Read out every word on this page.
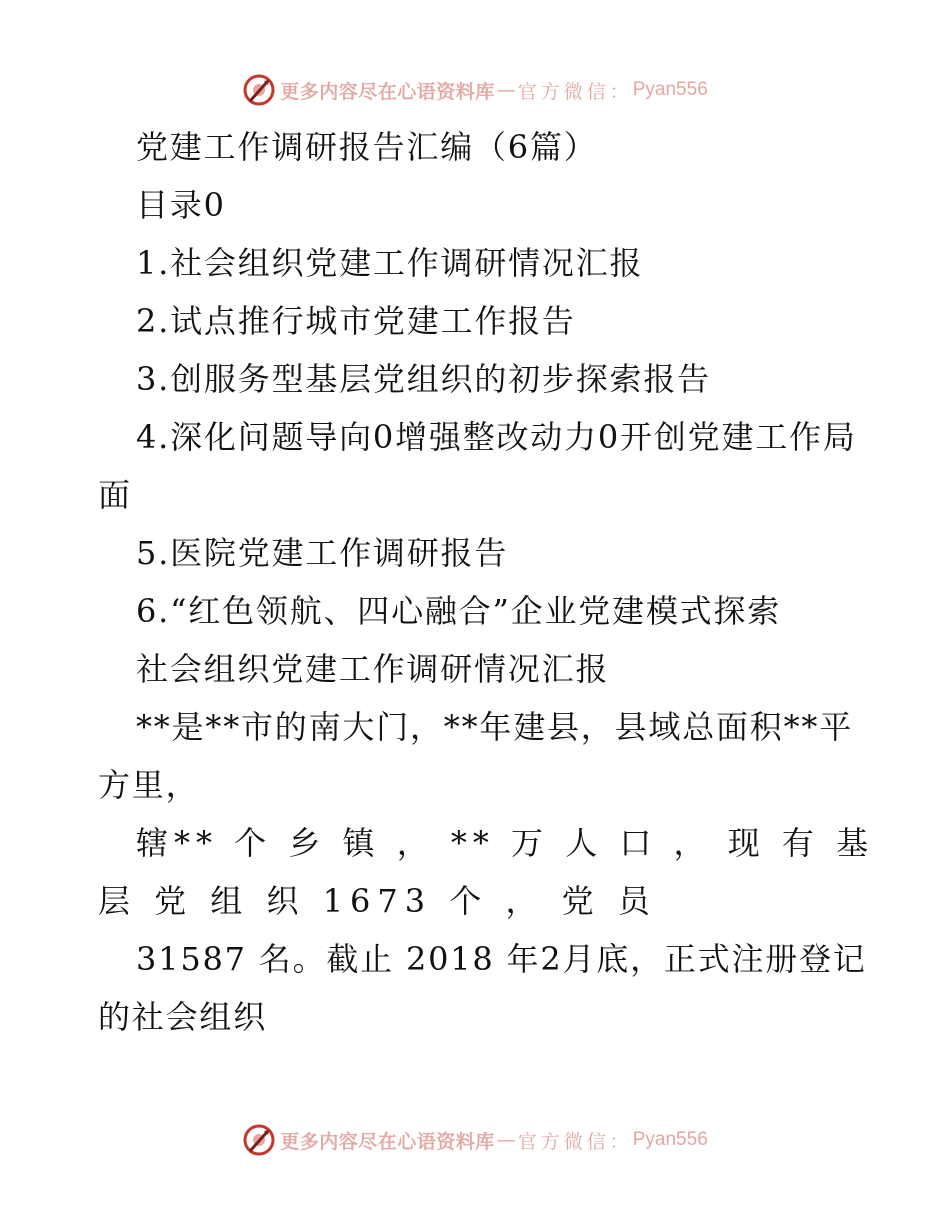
更多内容尽在心语资料库 — 官方微信： Pyan556
党建工作调研报告汇编（6篇）
目录0
1.社会组织党建工作调研情况汇报
2.试点推行城市党建工作报告
3.创服务型基层党组织的初步探索报告
4.深化问题导向0增强整改动力0开创党建工作局
面
5.医院党建工作调研报告
6.“红色领航、四心融合”企业党建模式探索
社会组织党建工作调研情况汇报
**是**市的南大门，**年建县，县域总面积**平
方里，
辖** 个 乡 镇 ， ** 万 人 口 ， 现 有 基
层 党 组 织 1673 个 ， 党 员
31587 名。截止 2018 年2月底，正式注册登记
的社会组织
更多内容尽在心语资料库 — 官方微信： Pyan556
